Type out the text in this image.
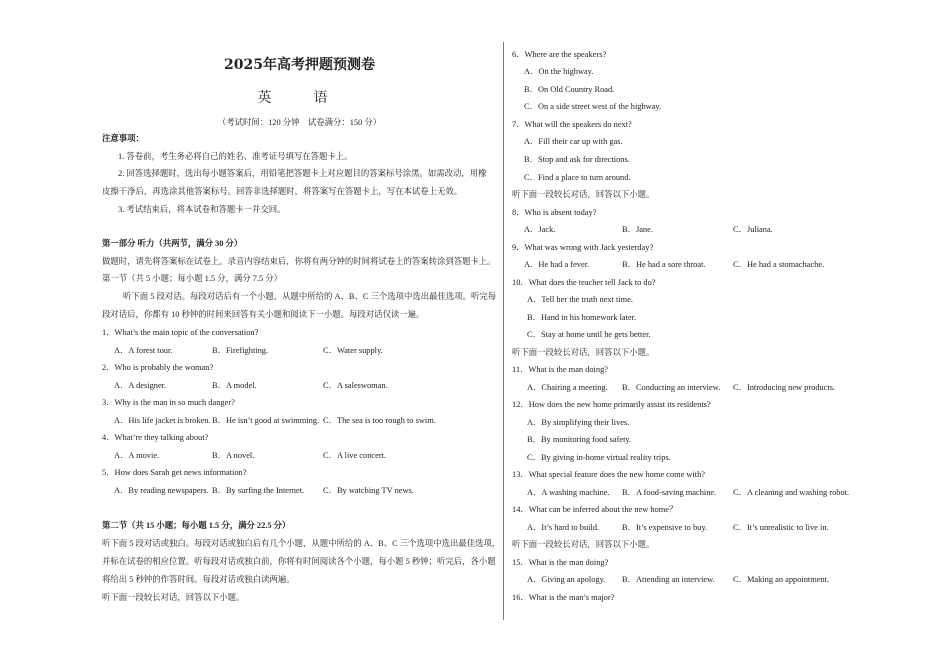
2025年高考押题预测卷
英　语
（考试时间：120 分钟　试卷满分：150 分）
注意事项：
1. 答卷前，考生务必将自己的姓名、准考证号填写在答题卡上。
2. 回答选择题时，选出每小题答案后，用铅笔把答题卡上对应题目的答案标号涂黑。如需改动，用橡
皮擦干净后，再选涂其他答案标号。回答非选择题时，将答案写在答题卡上，写在本试卷上无效。
3. 考试结束后，将本试卷和答题卡一并交回。
第一部分 听力（共两节，满分 30 分）
做题时，请先将答案标在试卷上。录音内容结束后，你将有两分钟的时间将试卷上的答案转涂到答题卡上。
第一节（共 5 小题；每小题 1.5 分，满分 7.5 分）
听下面 5 段对话。每段对话后有一个小题，从题中所给的 A、B、C 三个选项中选出最佳选项。听完每
段对话后，你都有 10 秒钟的时间来回答有关小题和阅读下一小题。每段对话仅读一遍。
1．What’s the main topic of the conversation?
A．A forest tour.	B．Firefighting.	C．Water supply.
2．Who is probably the woman?
A．A designer.	B．A model.	C．A saleswoman.
3．Why is the man in so much danger?
A．His life jacket is broken. B．He isn’t good at swimming. C．The sea is too rough to swim.
4．What’re they talking about?
A．A movie.	B．A novel.	C．A live concert.
5．How does Sarah get news information?
A．By reading newspapers. B．By surfing the Internet. C．By watching TV news.
第二节（共 15 小题；每小题 1.5 分，满分 22.5 分）
听下面 5 段对话或独白。每段对话或独白后有几个小题，从题中所给的 A、B、C 三个选项中选出最佳选项，
并标在试卷的相应位置。听每段对话或独白前，你将有时间阅读各个小题，每小题 5 秒钟；听完后，各小题
将给出 5 秒钟的作答时间。每段对话或独白读两遍。
听下面一段较长对话，回答以下小题。
6．Where are the speakers?
A．On the highway.
B．On Old Country Road.
C．On a side street west of the highway.
7．What will the speakers do next?
A．Fill their car up with gas.
B．Stop and ask for directions.
C．Find a place to turn around.
听下面一段较长对话，回答以下小题。
8．Who is absent today?
A．Jack.	B．Jane.	C．Juliana.
9．What was wrong with Jack yesterday?
A．He had a fever.	B．He had a sore throat.	C．He had a stomachache.
10．What does the teacher tell Jack to do?
A．Tell her the truth next time.
B．Hand in his homework later.
C．Stay at home until he gets better.
听下面一段较长对话，回答以下小题。
11．What is the man doing?
A．Chairing a meeting. B．Conducting an interview. C．Introducing new products.
12．How does the new home primarily assist its residents?
A．By simplifying their lives.
B．By monitoring food safety.
C．By giving in-home virtual reality trips.
13．What special feature does the new home come with?
A．A washing machine. B．A food-saving machine. C．A cleaning and washing robot.
14．What can be inferred about the new home？
A．It’s hard to build.	B．It’s expensive to buy.	C．It’s unrealistic to live in.
听下面一段较长对话，回答以下小题。
15．What is the man doing?
A．Giving an apology. B．Attending an interview. C．Making an appointment.
16．What is the man’s major?
